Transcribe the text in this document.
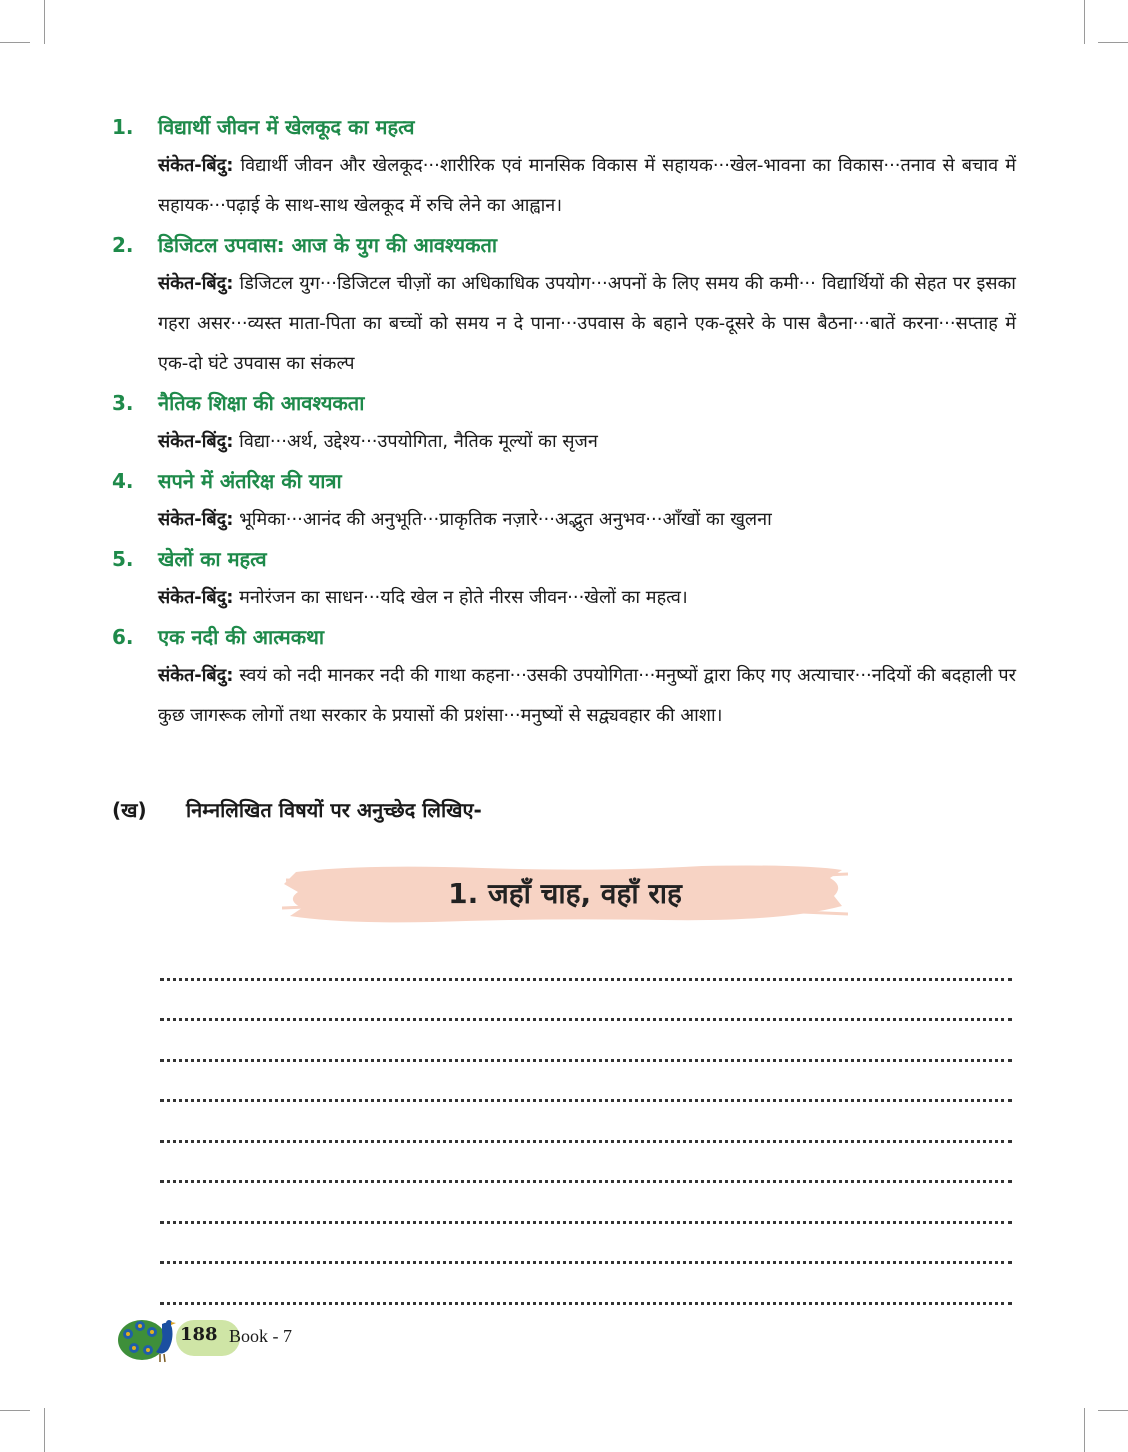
1.	विद्यार्थी जीवन में खेलकूद का महत्व
संकेत-बिंदु: विद्यार्थी जीवन और खेलकूद···शारीरिक एवं मानसिक विकास में सहायक···खेल-भावना का विकास···तनाव से बचाव में सहायक···पढ़ाई के साथ-साथ खेलकूद में रुचि लेने का आह्वान।
2.	डिजिटल उपवास: आज के युग की आवश्यकता
संकेत-बिंदु: डिजिटल युग···डिजिटल चीज़ों का अधिकाधिक उपयोग···अपनों के लिए समय की कमी··· विद्यार्थियों की सेहत पर इसका गहरा असर···व्यस्त माता-पिता का बच्चों को समय न दे पाना···उपवास के बहाने एक-दूसरे के पास बैठना···बातें करना···सप्ताह में एक-दो घंटे उपवास का संकल्प
3.	नैतिक शिक्षा की आवश्यकता
संकेत-बिंदु: विद्या···अर्थ, उद्देश्य···उपयोगिता, नैतिक मूल्यों का सृजन
4.	सपने में अंतरिक्ष की यात्रा
संकेत-बिंदु: भूमिका···आनंद की अनुभूति···प्राकृतिक नज़ारे···अद्भुत अनुभव···आँखों का खुलना
5.	खेलों का महत्व
संकेत-बिंदु: मनोरंजन का साधन···यदि खेल न होते नीरस जीवन···खेलों का महत्व।
6.	एक नदी की आत्मकथा
संकेत-बिंदु: स्वयं को नदी मानकर नदी की गाथा कहना···उसकी उपयोगिता···मनुष्यों द्वारा किए गए अत्याचार···नदियों की बदहाली पर कुछ जागरूक लोगों तथा सरकार के प्रयासों की प्रशंसा···मनुष्यों से सद्व्यवहार की आशा।
(ख)	निम्नलिखित विषयों पर अनुच्छेद लिखिए-
1. जहाँ चाह, वहाँ राह
188 Book - 7
